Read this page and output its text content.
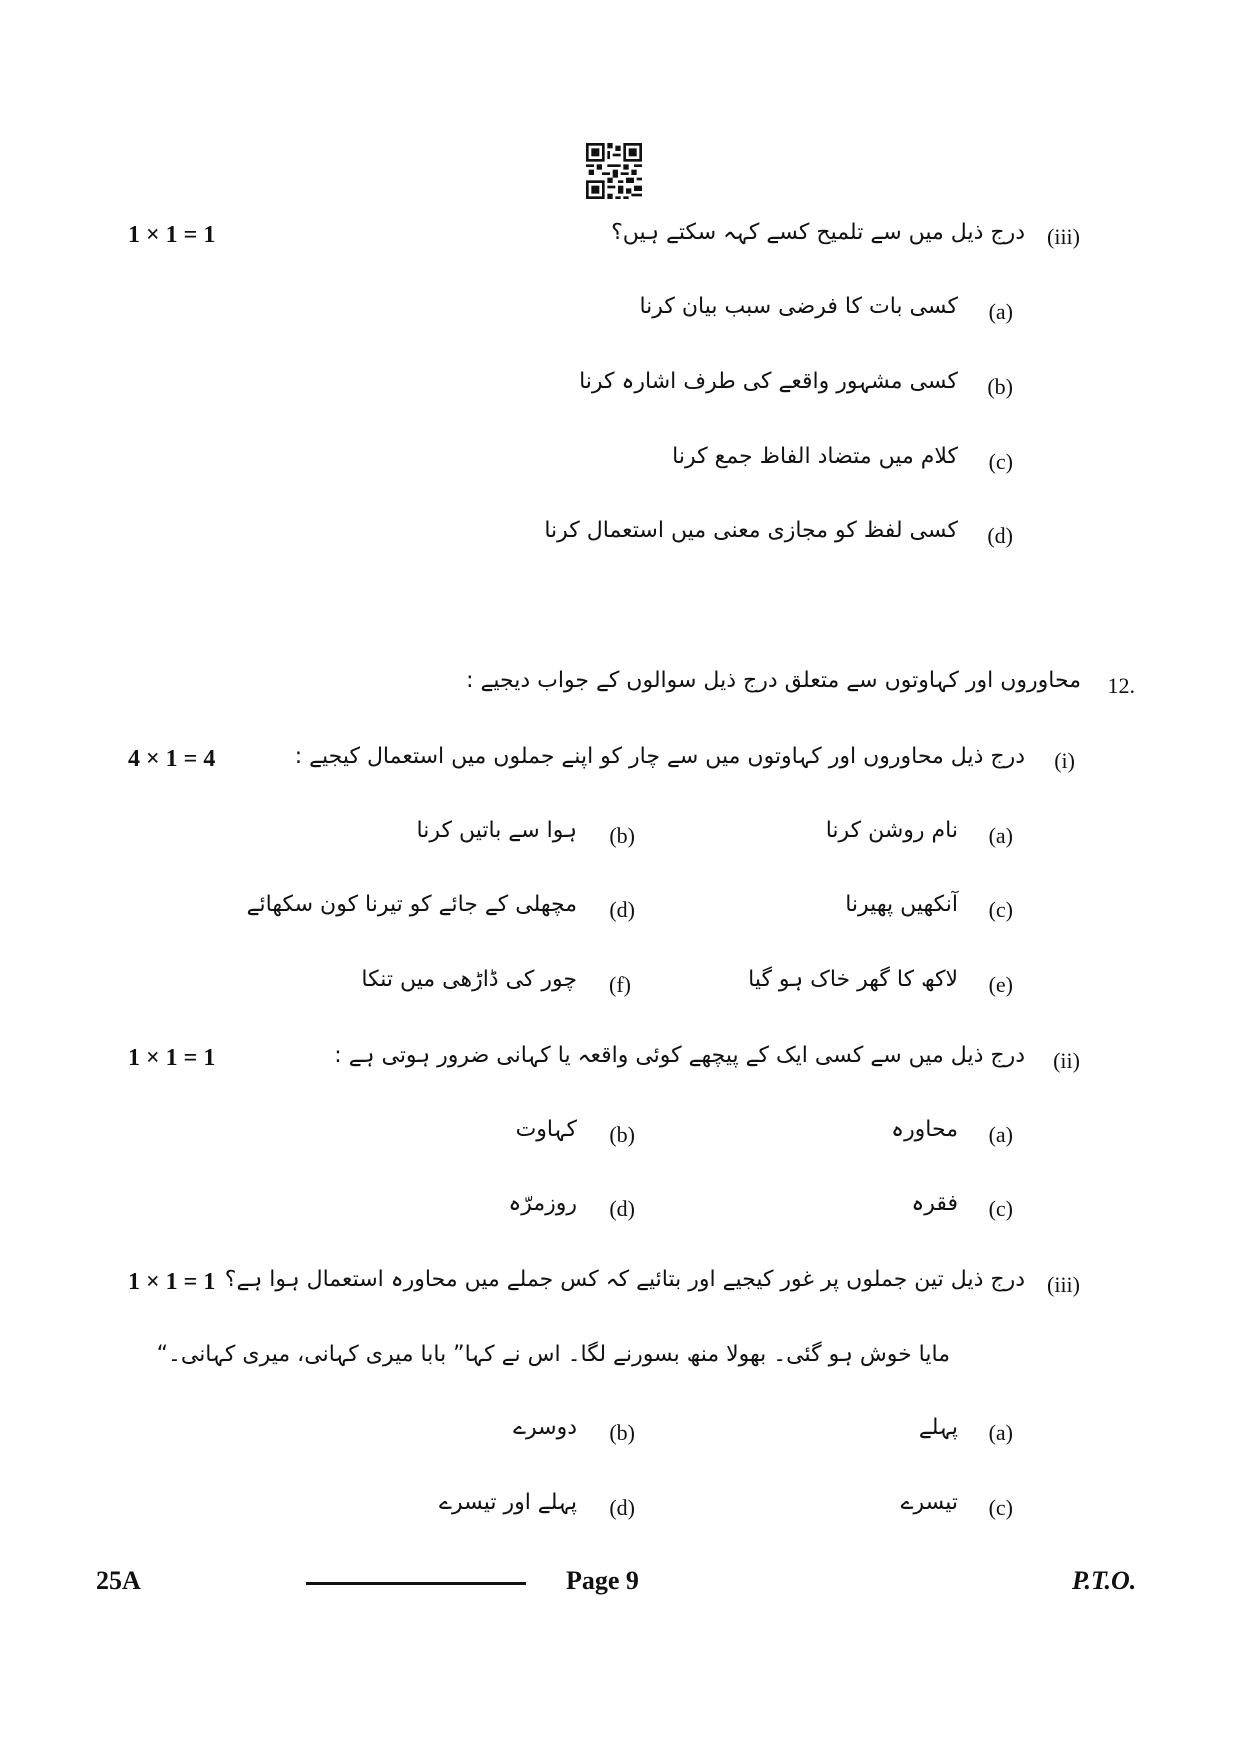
1 × 1 = 1	(iii)
درج ذیل میں سے تلمیح کسے کہہ سکتے ہیں؟
(a)
کسی بات کا فرضی سبب بیان کرنا
(b)
کسی مشہور واقعے کی طرف اشارہ کرنا
(c)
کلام میں متضاد الفاظ جمع کرنا
(d)
کسی لفظ کو مجازی معنی میں استعمال کرنا
12.
محاوروں اور کہاوتوں سے متعلق درج ذیل سوالوں کے جواب دیجیے :
4 × 1 = 4	(i)
درج ذیل محاوروں اور کہاوتوں میں سے چار کو اپنے جملوں میں استعمال کیجیے :
(a)
نام روشن کرنا
(b)
ہوا سے باتیں کرنا
(c)
آنکھیں پھیرنا
(d)
مچھلی کے جائے کو تیرنا کون سکھائے
(e)
لاکھ کا گھر خاک ہو گیا
(f)
چور کی ڈاڑھی میں تنکا
1 × 1 = 1	(ii)
درج ذیل میں سے کسی ایک کے پیچھے کوئی واقعہ یا کہانی ضرور ہوتی ہے :
(a)
محاورہ
(b)
کہاوت
(c)
فقرہ
(d)
روزمرّہ
1 × 1 = 1	(iii)
درج ذیل تین جملوں پر غور کیجیے اور بتائیے کہ کس جملے میں محاورہ استعمال ہوا ہے؟
مایا خوش ہو گئی۔ بھولا منھ بسورنے لگا۔ اس نے کہا” بابا میری کہانی، میری کہانی۔“
(a)
پہلے
(b)
دوسرے
(c)
تیسرے
(d)
پہلے اور تیسرے
25A	Page 9	P.T.O.
